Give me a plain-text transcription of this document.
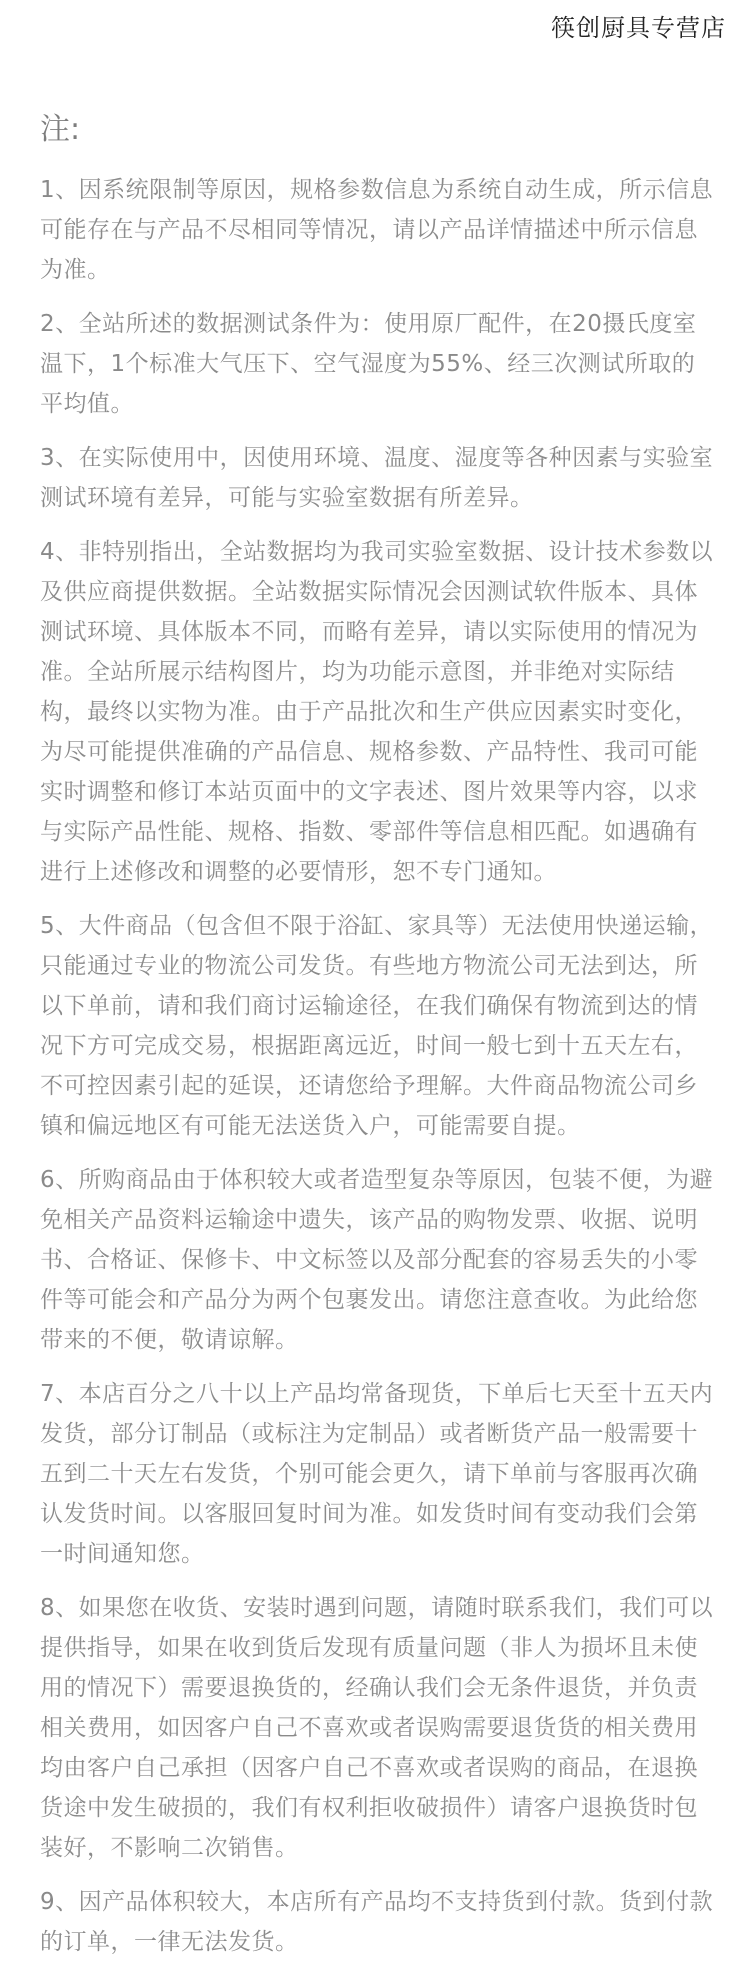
筷创厨具专营店
注:

1、因系统限制等原因，规格参数信息为系统自动生成，所示信息可能存在与产品不尽相同等情况，请以产品详情描述中所示信息为准。

2、全站所述的数据测试条件为：使用原厂配件，在20摄氏度室温下，1个标准大气压下、空气湿度为55%、经三次测试所取的平均值。

3、在实际使用中，因使用环境、温度、湿度等各种因素与实验室测试环境有差异，可能与实验室数据有所差异。

4、非特别指出，全站数据均为我司实验室数据、设计技术参数以及供应商提供数据。全站数据实际情况会因测试软件版本、具体测试环境、具体版本不同，而略有差异，请以实际使用的情况为准。全站所展示结构图片，均为功能示意图，并非绝对实际结构，最终以实物为准。由于产品批次和生产供应因素实时变化，为尽可能提供准确的产品信息、规格参数、产品特性、我司可能实时调整和修订本站页面中的文字表述、图片效果等内容，以求与实际产品性能、规格、指数、零部件等信息相匹配。如遇确有进行上述修改和调整的必要情形，恕不专门通知。

5、大件商品（包含但不限于浴缸、家具等）无法使用快递运输，只能通过专业的物流公司发货。有些地方物流公司无法到达，所以下单前，请和我们商讨运输途径，在我们确保有物流到达的情况下方可完成交易，根据距离远近，时间一般七到十五天左右，不可控因素引起的延误，还请您给予理解。大件商品物流公司乡镇和偏远地区有可能无法送货入户，可能需要自提。

6、所购商品由于体积较大或者造型复杂等原因，包装不便，为避免相关产品资料运输途中遗失，该产品的购物发票、收据、说明书、合格证、保修卡、中文标签以及部分配套的容易丢失的小零件等可能会和产品分为两个包裹发出。请您注意查收。为此给您带来的不便，敬请谅解。

7、本店百分之八十以上产品均常备现货，下单后七天至十五天内发货，部分订制品（或标注为定制品）或者断货产品一般需要十五到二十天左右发货，个别可能会更久，请下单前与客服再次确认发货时间。以客服回复时间为准。如发货时间有变动我们会第一时间通知您。

8、如果您在收货、安装时遇到问题，请随时联系我们，我们可以提供指导，如果在收到货后发现有质量问题（非人为损坏且未使用的情况下）需要退换货的，经确认我们会无条件退货，并负责相关费用，如因客户自己不喜欢或者误购需要退货货的相关费用均由客户自己承担（因客户自己不喜欢或者误购的商品，在退换货途中发生破损的，我们有权利拒收破损件）请客户退换货时包装好，不影响二次销售。

9、因产品体积较大，本店所有产品均不支持货到付款。货到付款的订单，一律无法发货。
